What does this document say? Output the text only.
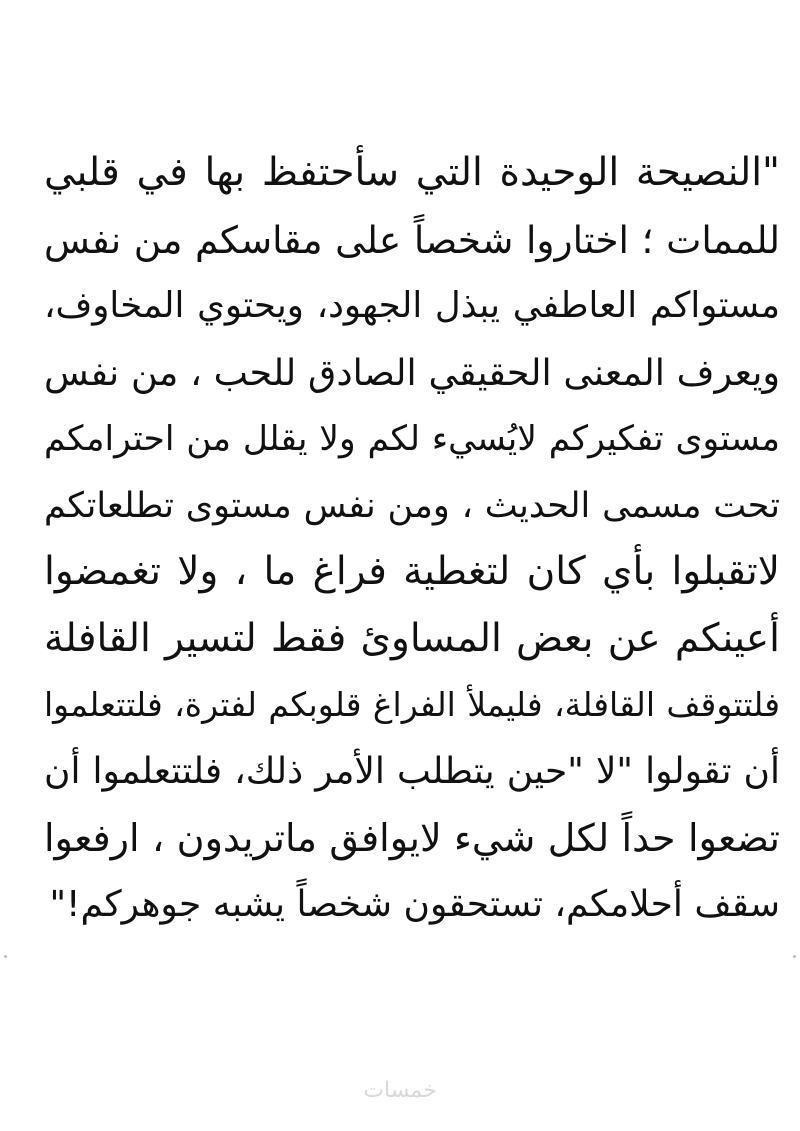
"النصيحة الوحيدة التي سأحتفظ بها في قلبي
للممات ؛ اختاروا شخصاً على مقاسكم من نفس
مستواكم العاطفي يبذل الجهود، ويحتوي المخاوف،
ويعرف المعنى الحقيقي الصادق للحب ، من نفس
مستوى تفكيركم لايُسيء لكم ولا يقلل من احترامكم
تحت مسمى الحديث ، ومن نفس مستوى تطلعاتكم
لاتقبلوا بأي كان لتغطية فراغ ما ، ولا تغمضوا
أعينكم عن بعض المساوئ فقط لتسير القافلة
فلتتوقف القافلة، فليملأ الفراغ قلوبكم لفترة، فلتتعلموا
أن تقولوا "لا "حين يتطلب الأمر ذلك، فلتتعلموا أن
تضعوا حداً لكل شيء لايوافق ماتريدون ، ارفعوا
سقف أحلامكم، تستحقون شخصاً يشبه جوهركم!"
خمسات
